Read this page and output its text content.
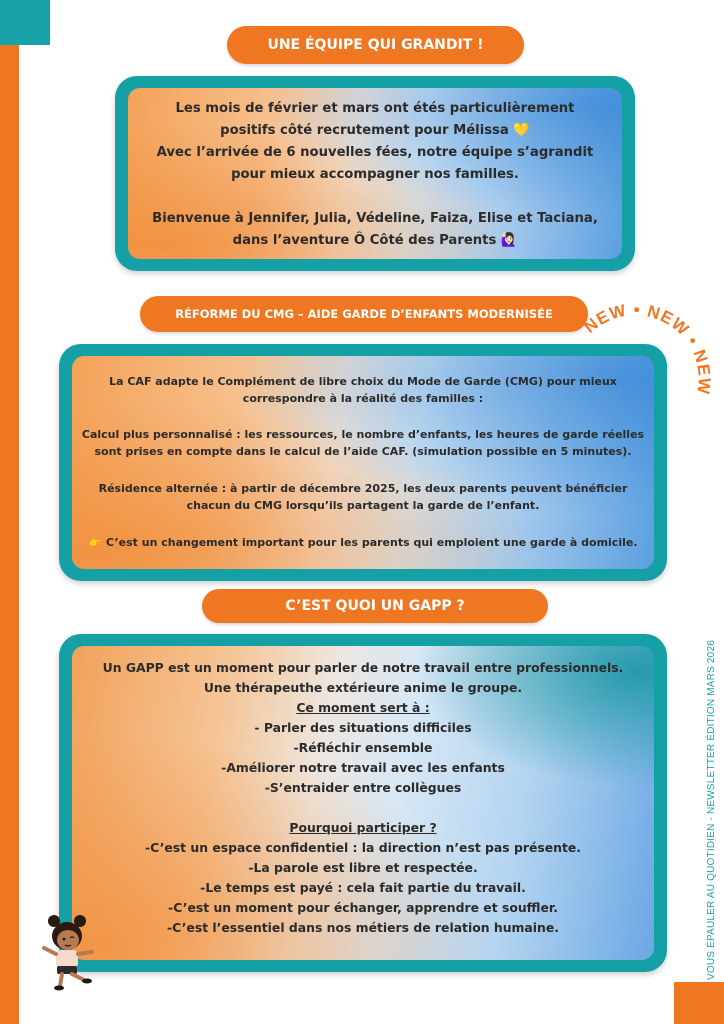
VOUS ÉPAULER AU QUOTIDIEN - NEWSLETTER ÉDITION MARS 2026
UNE ÉQUIPE QUI GRANDIT !
Les mois de février et mars ont étés particulièrement
positifs côté recrutement pour Mélissa 💛
Avec l’arrivée de 6 nouvelles fées, notre équipe s’agrandit
pour mieux accompagner nos familles.
Bienvenue à Jennifer, Julia, Védeline, Faiza, Elise et Taciana,
dans l’aventure Ô Côté des Parents 🙋🏻‍♀️
RÉFORME DU CMG – AIDE GARDE D’ENFANTS MODERNISÉE
La CAF adapte le Complément de libre choix du Mode de Garde (CMG) pour mieux
correspondre à la réalité des familles :
Calcul plus personnalisé : les ressources, le nombre d’enfants, les heures de garde réelles
sont prises en compte dans le calcul de l’aide CAF. (simulation possible en 5 minutes).
Résidence alternée : à partir de décembre 2025, les deux parents peuvent bénéficier
chacun du CMG lorsqu’ils partagent la garde de l’enfant.
👉 C’est un changement important pour les parents qui emploient une garde à domicile.
NEW • NEW • NEW
C’EST QUOI UN GAPP ?
Un GAPP est un moment pour parler de notre travail entre professionnels.
Une thérapeuthe extérieure anime le groupe.
Ce moment sert à :
- Parler des situations difficiles
-Réfléchir ensemble
-Améliorer notre travail avec les enfants
-S’entraider entre collègues
Pourquoi participer ?
-C’est un espace confidentiel : la direction n’est pas présente.
-La parole est libre et respectée.
-Le temps est payé : cela fait partie du travail.
-C’est un moment pour échanger, apprendre et souffler.
-C’est l’essentiel dans nos métiers de relation humaine.
